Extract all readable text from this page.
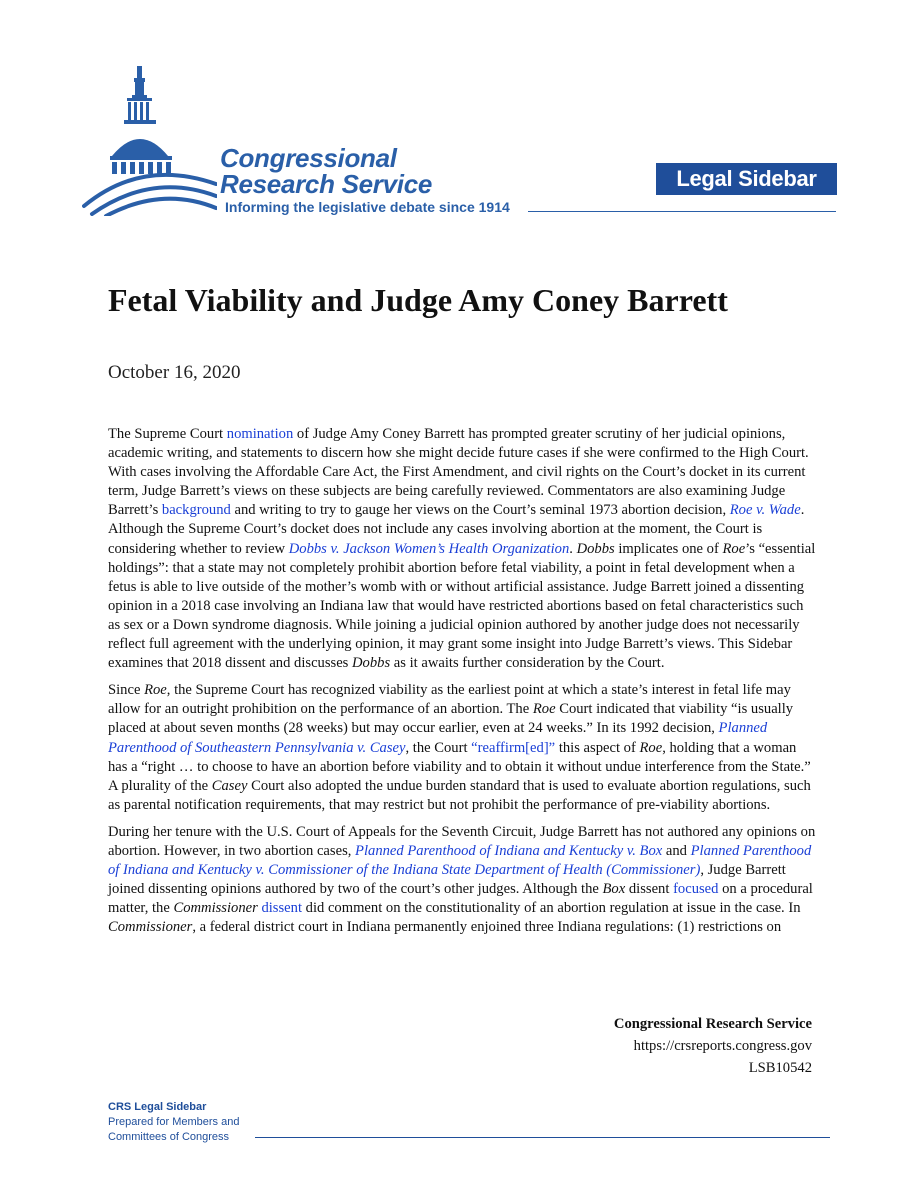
Congressional
Research Service
Informing the legislative debate since 1914
Legal Sidebar
Fetal Viability and Judge Amy Coney Barrett
October 16, 2020

The Supreme Court nomination of Judge Amy Coney Barrett has prompted greater scrutiny of her judicial opinions, academic writing, and statements to discern how she might decide future cases if she were confirmed to the High Court. With cases involving the Affordable Care Act, the First Amendment, and civil rights on the Court’s docket in its current term, Judge Barrett’s views on these subjects are being carefully reviewed. Commentators are also examining Judge Barrett’s background and writing to try to gauge her views on the Court’s seminal 1973 abortion decision, Roe v. Wade. Although the Supreme Court’s docket does not include any cases involving abortion at the moment, the Court is considering whether to review Dobbs v. Jackson Women’s Health Organization. Dobbs implicates one of Roe’s “essential holdings”: that a state may not completely prohibit abortion before fetal viability, a point in fetal development when a fetus is able to live outside of the mother’s womb with or without artificial assistance. Judge Barrett joined a dissenting opinion in a 2018 case involving an Indiana law that would have restricted abortions based on fetal characteristics such as sex or a Down syndrome diagnosis. While joining a judicial opinion authored by another judge does not necessarily reflect full agreement with the underlying opinion, it may grant some insight into Judge Barrett’s views. This Sidebar examines that 2018 dissent and discusses Dobbs as it awaits further consideration by the Court.

Since Roe, the Supreme Court has recognized viability as the earliest point at which a state’s interest in fetal life may allow for an outright prohibition on the performance of an abortion. The Roe Court indicated that viability “is usually placed at about seven months (28 weeks) but may occur earlier, even at 24 weeks.” In its 1992 decision, Planned Parenthood of Southeastern Pennsylvania v. Casey, the Court “reaffirm[ed]” this aspect of Roe, holding that a woman has a “right … to choose to have an abortion before viability and to obtain it without undue interference from the State.” A plurality of the Casey Court also adopted the undue burden standard that is used to evaluate abortion regulations, such as parental notification requirements, that may restrict but not prohibit the performance of pre-viability abortions.

During her tenure with the U.S. Court of Appeals for the Seventh Circuit, Judge Barrett has not authored any opinions on abortion. However, in two abortion cases, Planned Parenthood of Indiana and Kentucky v. Box and Planned Parenthood of Indiana and Kentucky v. Commissioner of the Indiana State Department of Health (Commissioner), Judge Barrett joined dissenting opinions authored by two of the court’s other judges. Although the Box dissent focused on a procedural matter, the Commissioner dissent did comment on the constitutionality of an abortion regulation at issue in the case. In Commissioner, a federal district court in Indiana permanently enjoined three Indiana regulations: (1) restrictions on

Congressional Research Service
https://crsreports.congress.gov
LSB10542
CRS Legal Sidebar
Prepared for Members and
Committees of Congress
